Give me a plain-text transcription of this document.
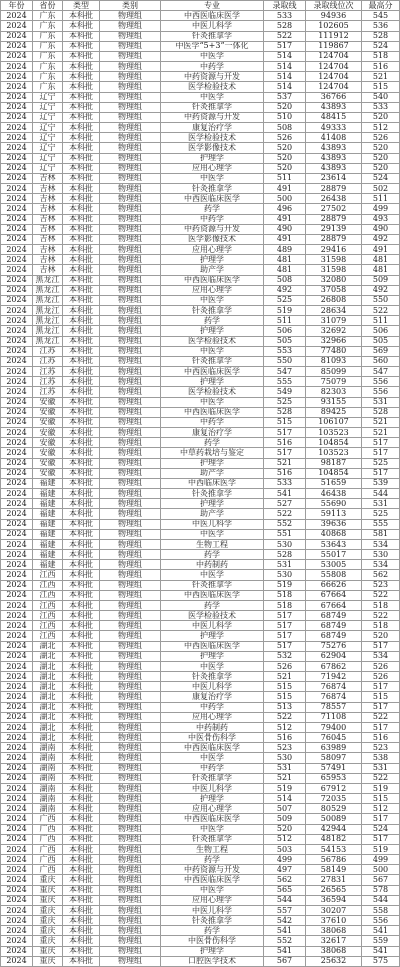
年份	省份	类型	类别	专业	录取线	录取线位次	最高分
2024	广东	本科批	物理组	中西医临床医学	533	94936	545
2024	广东	本科批	物理组	中医儿科学	528	102605	536
2024	广东	本科批	物理组	针灸推拿学	522	111912	528
2024	广东	本科批	物理组	中医学“5+3”一体化	517	119867	524
2024	广东	本科批	物理组	中医学	514	124704	518
2024	广东	本科批	物理组	中药学	514	124704	516
2024	广东	本科批	物理组	中药资源与开发	514	124704	521
2024	广东	本科批	物理组	医学检验技术	514	124704	515
2024	辽宁	本科批	物理组	中医学	537	36766	540
2024	辽宁	本科批	物理组	针灸推拿学	520	43893	533
2024	辽宁	本科批	物理组	中药资源与开发	510	48415	520
2024	辽宁	本科批	物理组	康复治疗学	508	49333	512
2024	辽宁	本科批	物理组	医学检验技术	526	41408	526
2024	辽宁	本科批	物理组	医学影像技术	520	43893	520
2024	辽宁	本科批	物理组	护理学	520	43893	520
2024	辽宁	本科批	物理组	应用心理学	520	43893	520
2024	吉林	本科批	物理组	中医学	511	23614	524
2024	吉林	本科批	物理组	针灸推拿学	491	28879	502
2024	吉林	本科批	物理组	中西医临床医学	500	26438	511
2024	吉林	本科批	物理组	药学	496	27502	499
2024	吉林	本科批	物理组	中药学	491	28879	493
2024	吉林	本科批	物理组	中药资源与开发	490	29139	490
2024	吉林	本科批	物理组	医学影像技术	491	28879	492
2024	吉林	本科批	物理组	应用心理学	489	29416	491
2024	吉林	本科批	物理组	护理学	481	31598	481
2024	吉林	本科批	物理组	助产学	481	31598	481
2024	黑龙江	本科批	物理组	中西医临床医学	508	32080	509
2024	黑龙江	本科批	物理组	应用心理学	492	37058	492
2024	黑龙江	本科批	物理组	中医学	525	26808	550
2024	黑龙江	本科批	物理组	针灸推拿学	519	28634	522
2024	黑龙江	本科批	物理组	药学	511	31079	511
2024	黑龙江	本科批	物理组	护理学	506	32692	506
2024	黑龙江	本科批	物理组	医学检验技术	505	32966	505
2024	江苏	本科批	物理组	中医学	553	77480	569
2024	江苏	本科批	物理组	针灸推拿学	550	81093	560
2024	江苏	本科批	物理组	中西医临床医学	547	85099	547
2024	江苏	本科批	物理组	护理学	555	75079	556
2024	江苏	本科批	物理组	医学检验技术	549	82303	556
2024	安徽	本科批	物理组	中医学	525	93155	531
2024	安徽	本科批	物理组	中西医临床医学	528	89425	528
2024	安徽	本科批	物理组	中药学	515	106107	521
2024	安徽	本科批	物理组	康复治疗学	517	103523	521
2024	安徽	本科批	物理组	药学	516	104854	517
2024	安徽	本科批	物理组	中草药栽培与鉴定	517	103523	517
2024	安徽	本科批	物理组	护理学	521	98187	525
2024	安徽	本科批	物理组	助产学	516	104854	517
2024	福建	本科批	物理组	中西临床医学	533	51659	539
2024	福建	本科批	物理组	针灸推拿学	541	46438	544
2024	福建	本科批	物理组	护理学	527	55690	531
2024	福建	本科批	物理组	助产学	522	59113	525
2024	福建	本科批	物理组	中医儿科学	552	39636	555
2024	福建	本科批	物理组	中医学	551	40868	581
2024	福建	本科批	物理组	生物工程	530	53643	534
2024	福建	本科批	物理组	药学	528	55017	530
2024	福建	本科批	物理组	中药制药	531	53005	534
2024	江西	本科批	物理组	中医学	530	55808	562
2024	江西	本科批	物理组	针灸推拿学	519	66626	523
2024	江西	本科批	物理组	中西医临床医学	518	67664	522
2024	江西	本科批	物理组	药学	518	67664	518
2024	江西	本科批	物理组	医学检验技术	517	68749	522
2024	江西	本科批	物理组	中医儿科学	517	68749	518
2024	江西	本科批	物理组	护理学	517	68749	520
2024	湖北	本科批	物理组	中西医临床医学	517	75276	517
2024	湖北	本科批	物理组	护理学	532	62904	534
2024	湖北	本科批	物理组	中医学	526	67862	526
2024	湖北	本科批	物理组	针灸推拿学	521	71942	526
2024	湖北	本科批	物理组	中医儿科学	515	76874	517
2024	湖北	本科批	物理组	康复治疗学	515	76874	515
2024	湖北	本科批	物理组	中药学	513	78557	517
2024	湖北	本科批	物理组	应用心理学	522	71108	522
2024	湖北	本科批	物理组	中药制药	512	79400	517
2024	湖北	本科批	物理组	中医骨伤科学	516	76045	516
2024	湖南	本科批	物理组	中西医临床医学	523	63989	523
2024	湖南	本科批	物理组	中医学	530	58097	538
2024	湖南	本科批	物理组	中药学	531	57491	531
2024	湖南	本科批	物理组	针灸推拿学	521	65953	522
2024	湖南	本科批	物理组	中医儿科学	519	67912	519
2024	湖南	本科批	物理组	护理学	514	72035	515
2024	湖南	本科批	物理组	应用心理学	507	80529	512
2024	广西	本科批	物理组	中西医临床医学	509	50089	517
2024	广西	本科批	物理组	中医学	520	42944	524
2024	广西	本科批	物理组	针灸推拿学	512	48182	517
2024	广西	本科批	物理组	生物工程	503	54153	519
2024	广西	本科批	物理组	药学	499	56786	499
2024	广西	本科批	物理组	中药资源与开发	497	58149	500
2024	重庆	本科批	物理组	中西医临床医学	562	27831	567
2024	重庆	本科批	物理组	中医学	565	26565	578
2024	重庆	本科批	物理组	应用心理学	544	36594	544
2024	重庆	本科批	物理组	中医儿科学	557	30207	558
2024	重庆	本科批	物理组	针灸推拿学	542	37610	556
2024	重庆	本科批	物理组	药学	541	38068	541
2024	重庆	本科批	物理组	中医骨伤科学	552	32617	559
2024	重庆	本科批	物理组	护理学	541	38068	541
2024	重庆	本科批	物理组	口腔医学技术	567	25632	575
